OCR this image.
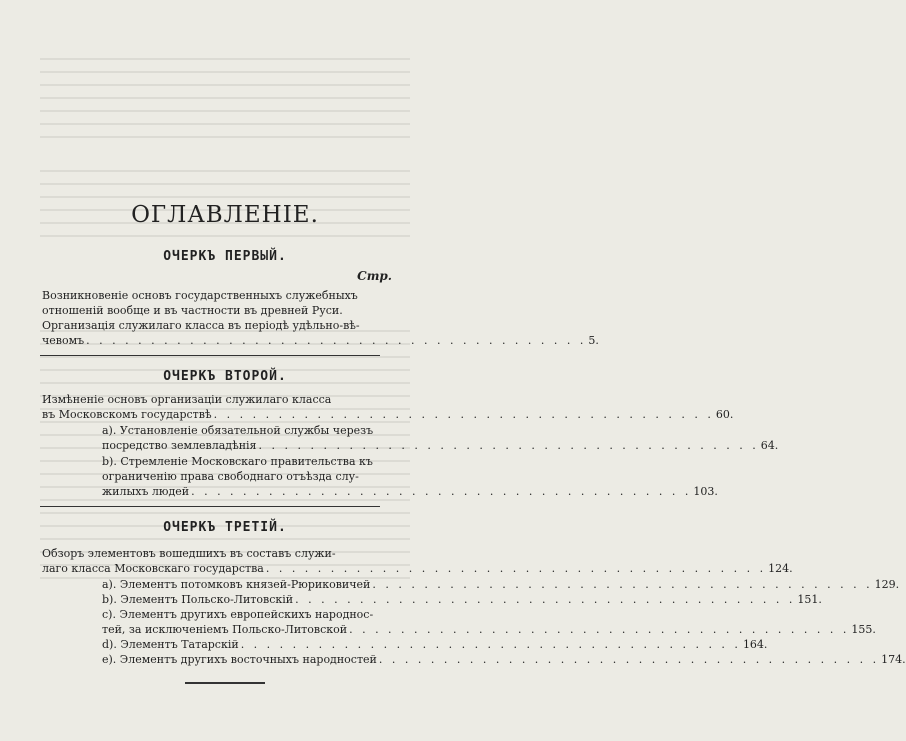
ОГЛАВЛЕНІЕ.
ОЧЕРКЪ ПЕРВЫЙ.
Стр.
Возникновеніе основъ государственныхъ служебныхъ
отношеній вообще и въ частности въ древней Руси.
Организація служилаго класса въ періодѣ удѣльно-вѣ-
чевомъ . . . . . . . . . . . . . . . . . . . . . . . . . . . . . . . . . . . . . . . 5.
ОЧЕРКЪ ВТОРОЙ.
Измѣненіе основъ организаціи служилаго класса
въ Московскомъ государствѣ . . . . . . . . . . . . . . . . . . . . . . . . . . . . . . . . . . . . . . . 60.
а). Установленіе обязательной службы черезъ
посредство землевладѣнія . . . . . . . . . . . . . . . . . . . . . . . . . . . . . . . . . . . . . . . 64.
b). Стремленіе Московскаго правительства къ
ограниченію права свободнаго отъѣзда слу-
жилыхъ людей . . . . . . . . . . . . . . . . . . . . . . . . . . . . . . . . . . . . . . . 103.
ОЧЕРКЪ ТРЕТІЙ.
Обзоръ элементовъ вошедшихъ въ составъ служи-
лаго класса Московскаго государства . . . . . . . . . . . . . . . . . . . . . . . . . . . . . . . . . . . . . . . 124.
а). Элементъ потомковъ князей-Рюриковичей . . . . . . . . . . . . . . . . . . . . . . . . . . . . . . . . . . . . . . . 129.
b). Элементъ Польско-Литовскій . . . . . . . . . . . . . . . . . . . . . . . . . . . . . . . . . . . . . . . 151.
c). Элементъ другихъ европейскихъ народнос-
тей, за исключеніемъ Польско-Литовской . . . . . . . . . . . . . . . . . . . . . . . . . . . . . . . . . . . . . . . 155.
d). Элементъ Татарскій . . . . . . . . . . . . . . . . . . . . . . . . . . . . . . . . . . . . . . . 164.
e). Элементъ другихъ восточныхъ народностей . . . . . . . . . . . . . . . . . . . . . . . . . . . . . . . . . . . . . . . 174.
